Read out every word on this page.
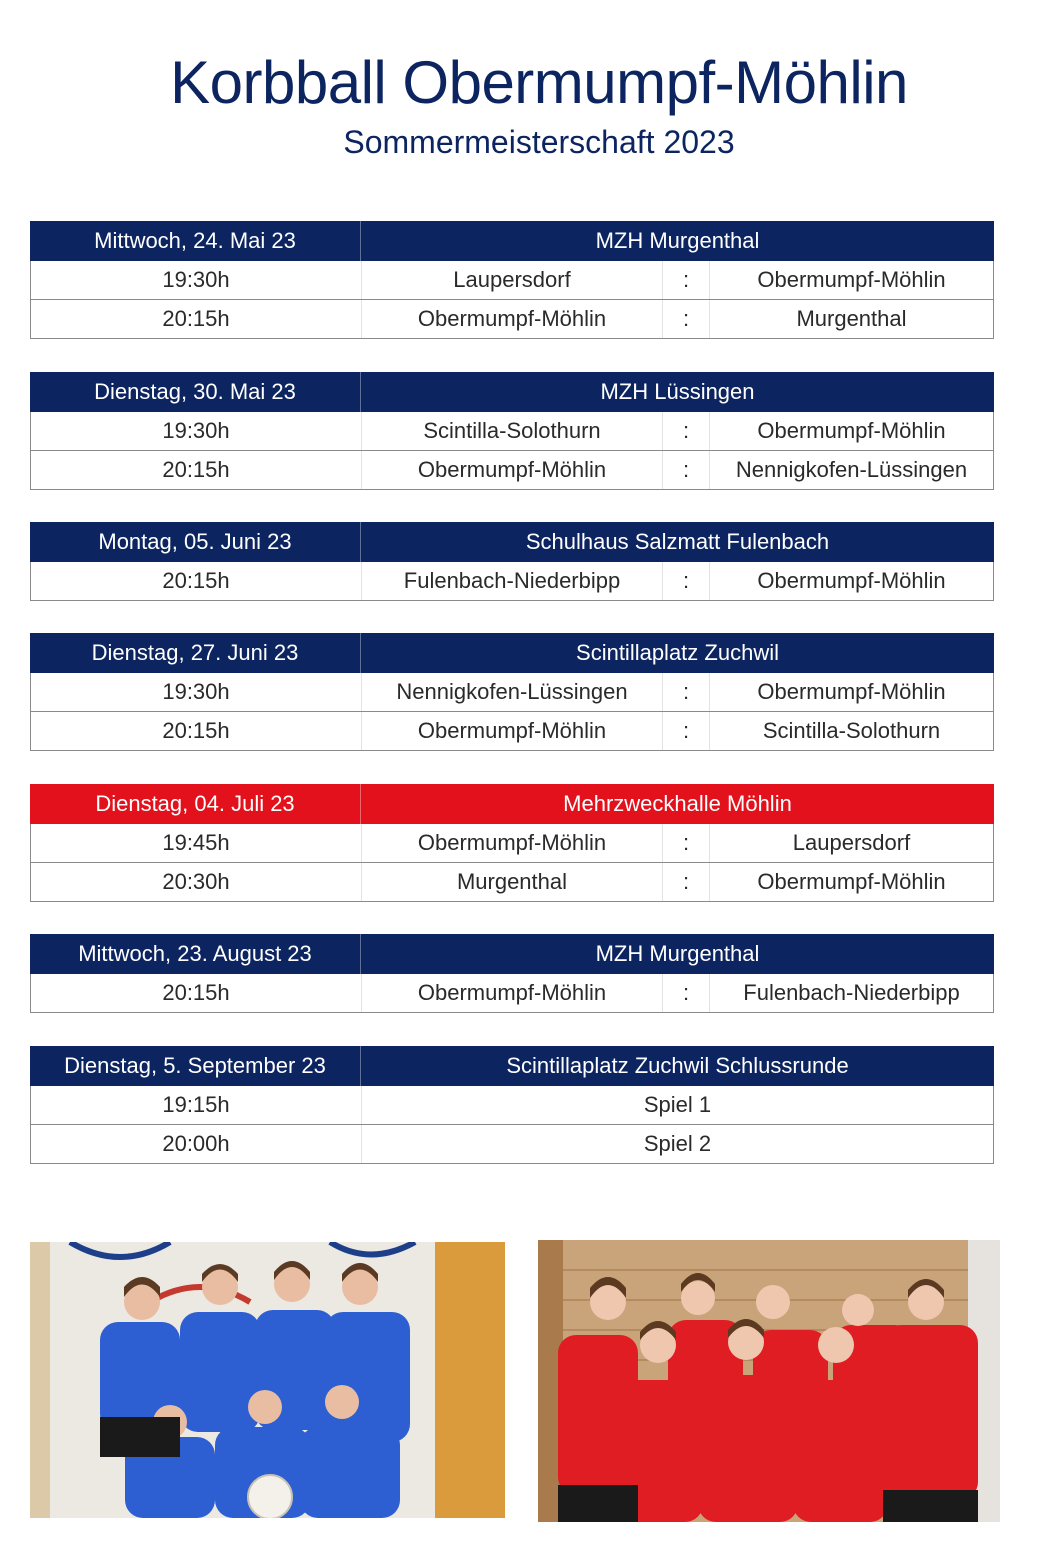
Korbball Obermumpf-Möhlin
Sommermeisterschaft 2023
Mittwoch, 24. Mai 23	MZH Murgenthal
19:30h	Laupersdorf	:	Obermumpf-Möhlin
20:15h	Obermumpf-Möhlin	:	Murgenthal
Dienstag, 30. Mai 23	MZH Lüssingen
19:30h	Scintilla-Solothurn	:	Obermumpf-Möhlin
20:15h	Obermumpf-Möhlin	:	Nennigkofen-Lüssingen
Montag, 05. Juni 23	Schulhaus Salzmatt Fulenbach
20:15h	Fulenbach-Niederbipp	:	Obermumpf-Möhlin
Dienstag, 27. Juni 23	Scintillaplatz Zuchwil
19:30h	Nennigkofen-Lüssingen	:	Obermumpf-Möhlin
20:15h	Obermumpf-Möhlin	:	Scintilla-Solothurn
Dienstag, 04. Juli 23	Mehrzweckhalle Möhlin
19:45h	Obermumpf-Möhlin	:	Laupersdorf
20:30h	Murgenthal	:	Obermumpf-Möhlin
Mittwoch, 23. August 23	MZH Murgenthal
20:15h	Obermumpf-Möhlin	:	Fulenbach-Niederbipp
Dienstag, 5. September 23	Scintillaplatz Zuchwil Schlussrunde
19:15h	Spiel 1
20:00h	Spiel 2
